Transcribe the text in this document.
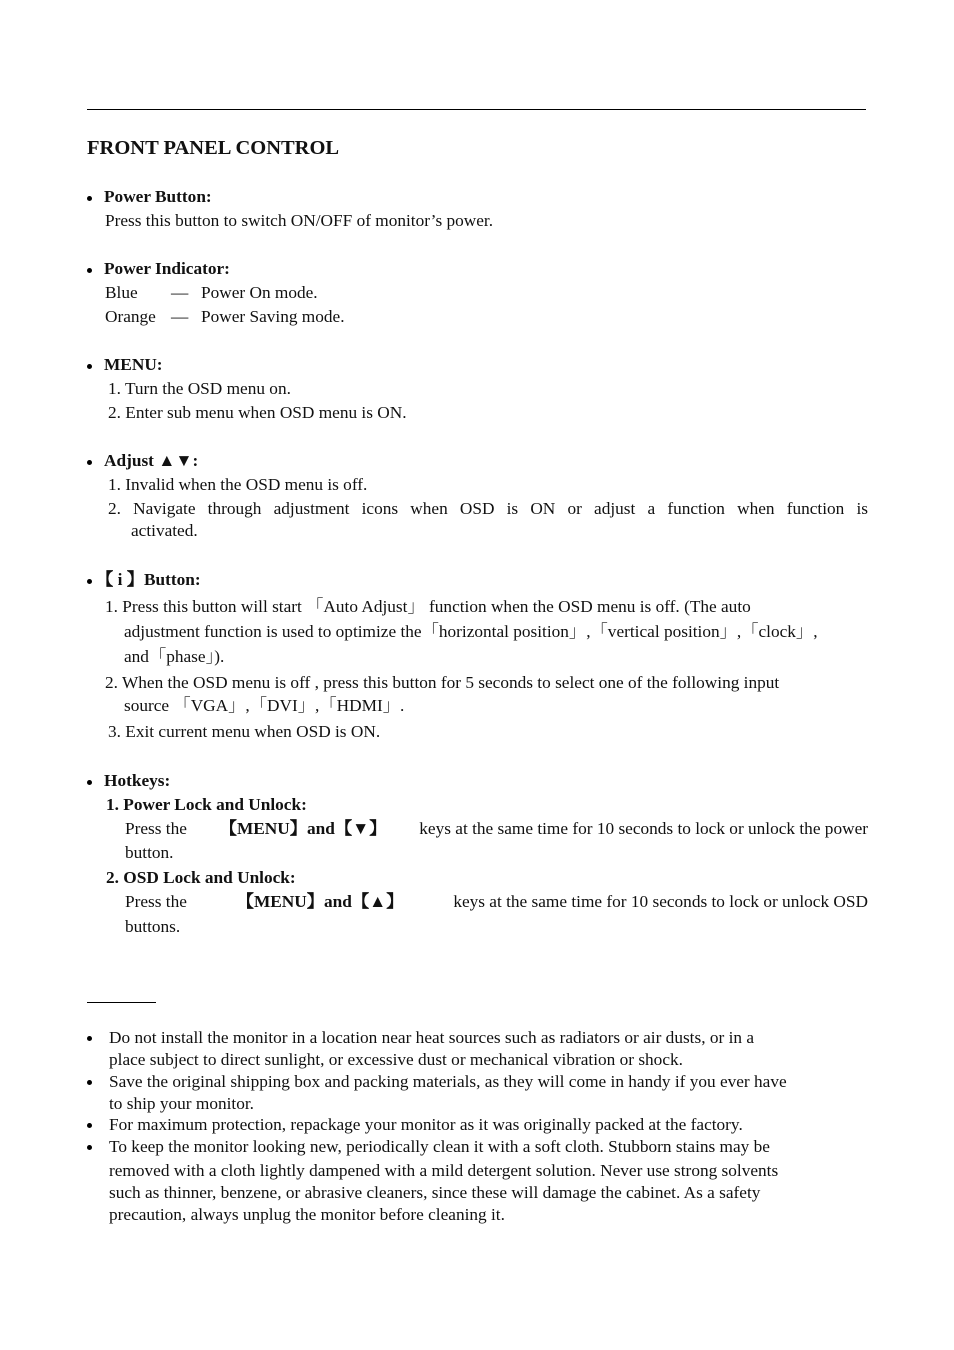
FRONT PANEL CONTROL
Power Button:
Press this button to switch ON/OFF of monitor’s power.
Power Indicator:
Blue — Power On mode.
Orange — Power Saving mode.
MENU:
1. Turn the OSD menu on.
2. Enter sub menu when OSD menu is ON.
Adjust ▲▼:
1. Invalid when the OSD menu is off.
2. Navigate through adjustment icons when OSD is ON or adjust a function when function is
activated.
【 i 】Button:
1. Press this button will start 「Auto Adjust」 function when the OSD menu is off. (The auto
adjustment function is used to optimize the「horizontal position」,「vertical position」,「clock」,
and「phase」).
2. When the OSD menu is off , press this button for 5 seconds to select one of the following input
source 「VGA」,「DVI」,「HDMI」.
3. Exit current menu when OSD is ON.
Hotkeys:
1. Power Lock and Unlock:
Press the 【MENU】and【▼】 keys at the same time for 10 seconds to lock or unlock the power
button.
2. OSD Lock and Unlock:
Press the	【MENU】and【▲】	keys at the same time for 10 seconds to lock or unlock OSD
buttons.
Do not install the monitor in a location near heat sources such as radiators or air dusts, or in a
place subject to direct sunlight, or excessive dust or mechanical vibration or shock.
Save the original shipping box and packing materials, as they will come in handy if you ever have
to ship your monitor.
For maximum protection, repackage your monitor as it was originally packed at the factory.
To keep the monitor looking new, periodically clean it with a soft cloth. Stubborn stains may be
removed with a cloth lightly dampened with a mild detergent solution. Never use strong solvents
such as thinner, benzene, or abrasive cleaners, since these will damage the cabinet. As a safety
precaution, always unplug the monitor before cleaning it.
